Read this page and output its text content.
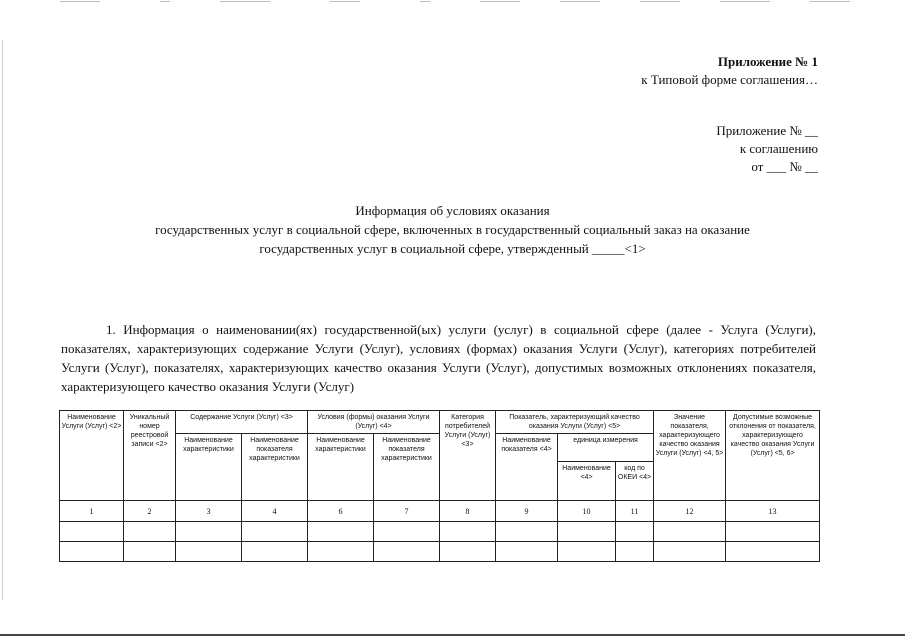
Приложение № 1
к Типовой форме соглашения…
Приложение № __
к соглашению
от ___ № __
Информация об условиях оказания
государственных услуг в социальной сфере, включенных в государственный социальный заказ на оказание
государственных услуг в социальной сфере, утвержденный _____<1>
1. Информация о наименовании(ях) государственной(ых) услуги (услуг) в социальной сфере (далее - Услуга (Услуги), показателях, характеризующих содержание Услуги (Услуг), условиях (формах) оказания Услуги (Услуг), категориях потребителей Услуги (Услуг), показателях, характеризующих качество оказания Услуги (Услуг), допустимых возможных отклонениях показателя, характеризующего качество оказания Услуги (Услуг)
Наименование Услуги (Услуг) <2>	Уникальный номер реестровой записи <2>	Содержание Услуги (Услуг) <3>		Условия (формы) оказания Услуги (Услуг) <4>		Категория потребителей Услуги (Услуг) <3>	Показатель, характеризующий качество оказания Услуги (Услуг) <5>			Значение показателя, характеризующего качество оказания Услуги (Услуг) <4, 5>	Допустимые возможные отклонения от показателя, характеризующего качество оказания Услуги (Услуг) <5, 6>
		Наименование характеристики	Наименование показателя характеристики	Наименование характеристики	Наименование показателя характеристики		Наименование показателя <4>	единица измерения			
								Наименование <4>	код по ОКЕИ <4>		
1	2	3	4	6	7	8	9	10	11	12	13
